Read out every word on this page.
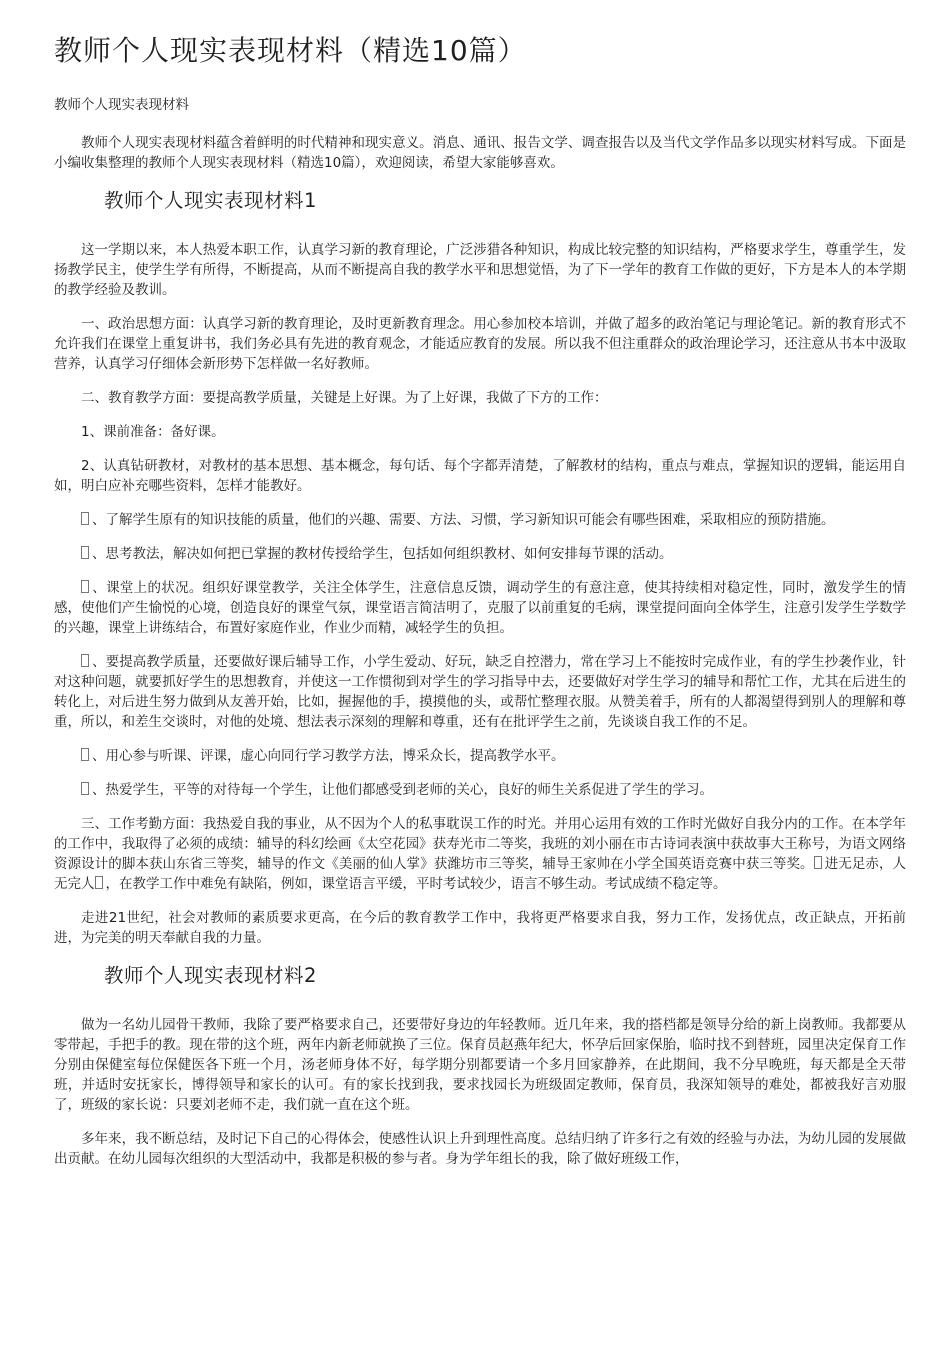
教师个人现实表现材料（精选10篇）
教师个人现实表现材料

教师个人现实表现材料蕴含着鲜明的时代精神和现实意义。消息、通讯、报告文学、调查报告以及当代文学作品多以现实材料写成。下面是小编收集整理的教师个人现实表现材料（精选10篇），欢迎阅读，希望大家能够喜欢。

教师个人现实表现材料1

这一学期以来，本人热爱本职工作，认真学习新的教育理论，广泛涉猎各种知识，构成比较完整的知识结构，严格要求学生，尊重学生，发扬教学民主，使学生学有所得，不断提高，从而不断提高自我的教学水平和思想觉悟，为了下一学年的教育工作做的更好，下方是本人的本学期的教学经验及教训。

一、政治思想方面：认真学习新的教育理论，及时更新教育理念。用心参加校本培训，并做了超多的政治笔记与理论笔记。新的教育形式不允许我们在课堂上重复讲书，我们务必具有先进的教育观念，才能适应教育的发展。所以我不但注重群众的政治理论学习，还注意从书本中汲取营养，认真学习仔细体会新形势下怎样做一名好教师。

二、教育教学方面：要提高教学质量，关键是上好课。为了上好课，我做了下方的工作：

1、课前准备：备好课。

2、认真钻研教材，对教材的基本思想、基本概念，每句话、每个字都弄清楚，了解教材的结构，重点与难点，掌握知识的逻辑，能运用自如，明白应补充哪些资料，怎样才能教好。

、了解学生原有的知识技能的质量，他们的兴趣、需要、方法、习惯，学习新知识可能会有哪些困难，采取相应的预防措施。

、思考教法，解决如何把已掌握的教材传授给学生，包括如何组织教材、如何安排每节课的活动。

、课堂上的状况。组织好课堂教学，关注全体学生，注意信息反馈，调动学生的有意注意，使其持续相对稳定性，同时，激发学生的情感，使他们产生愉悦的心境，创造良好的课堂气氛，课堂语言简洁明了，克服了以前重复的毛病，课堂提问面向全体学生，注意引发学生学数学的兴趣，课堂上讲练结合，布置好家庭作业，作业少而精，减轻学生的负担。

、要提高教学质量，还要做好课后辅导工作，小学生爱动、好玩，缺乏自控潜力，常在学习上不能按时完成作业，有的学生抄袭作业，针对这种问题，就要抓好学生的思想教育，并使这一工作惯彻到对学生的学习指导中去，还要做好对学生学习的辅导和帮忙工作，尤其在后进生的转化上，对后进生努力做到从友善开始，比如，握握他的手，摸摸他的头，或帮忙整理衣服。从赞美着手，所有的人都渴望得到别人的理解和尊重，所以，和差生交谈时，对他的处境、想法表示深刻的理解和尊重，还有在批评学生之前，先谈谈自我工作的不足。

、用心参与听课、评课，虚心向同行学习教学方法，博采众长，提高教学水平。

、热爱学生，平等的对待每一个学生，让他们都感受到老师的关心，良好的师生关系促进了学生的学习。

三、工作考勤方面：我热爱自我的事业，从不因为个人的私事耽误工作的时光。并用心运用有效的工作时光做好自我分内的工作。在本学年的工作中，我取得了必须的成绩：辅导的科幻绘画《太空花园》获寿光市二等奖，我班的刘小丽在市古诗词表演中获故事大王称号，为语文网络资源设计的脚本获山东省三等奖，辅导的作文《美丽的仙人掌》获潍坊市三等奖，辅导王家帅在小学全国英语竞赛中获三等奖。 进无足赤，人无完人 ，在教学工作中难免有缺陷，例如，课堂语言平缓，平时考试较少，语言不够生动。考试成绩不稳定等。

走进21世纪，社会对教师的素质要求更高，在今后的教育教学工作中，我将更严格要求自我，努力工作，发扬优点，改正缺点，开拓前进，为完美的明天奉献自我的力量。

教师个人现实表现材料2

做为一名幼儿园骨干教师，我除了要严格要求自己，还要带好身边的年轻教师。近几年来，我的搭档都是领导分给的新上岗教师。我都要从零带起，手把手的教。现在带的这个班，两年内新老师就换了三位。保育员赵燕年纪大，怀孕后回家保胎，临时找不到替班，园里决定保育工作分别由保健室每位保健医各下班一个月，汤老师身体不好，每学期分别都要请一个多月回家静养，在此期间，我不分早晚班，每天都是全天带班，并适时安抚家长，博得领导和家长的认可。有的家长找到我，要求找园长为班级固定教师，保育员，我深知领导的难处，都被我好言劝服了，班级的家长说：只要刘老师不走，我们就一直在这个班。

多年来，我不断总结，及时记下自己的心得体会，使感性认识上升到理性高度。总结归纳了许多行之有效的经验与办法，为幼儿园的发展做出贡献。在幼儿园每次组织的大型活动中，我都是积极的参与者。身为学年组长的我，除了做好班级工作，
